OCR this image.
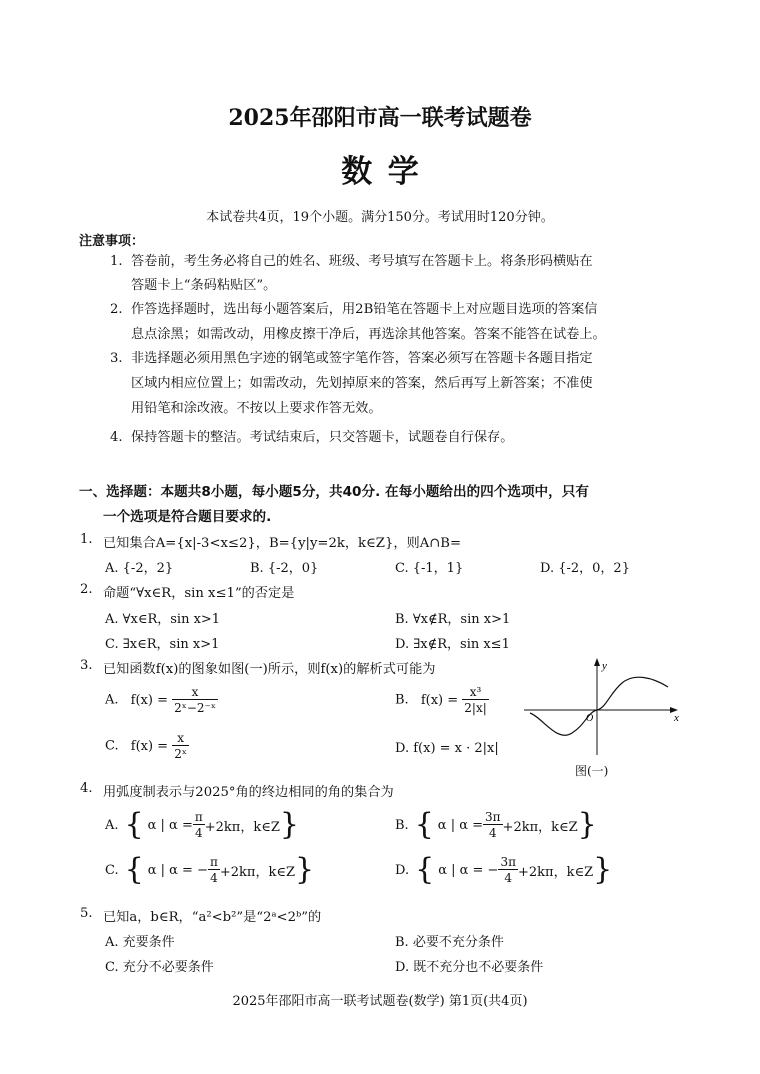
2025年邵阳市高一联考试题卷
数学
本试卷共4页，19个小题。满分150分。考试用时120分钟。
注意事项：
1. 答卷前，考生务必将自己的姓名、班级、考号填写在答题卡上。将条形码横贴在
答题卡上“条码粘贴区”。
2. 作答选择题时，选出每小题答案后，用2B铅笔在答题卡上对应题目选项的答案信
息点涂黑；如需改动，用橡皮擦干净后，再选涂其他答案。答案不能答在试卷上。
3. 非选择题必须用黑色字迹的钢笔或签字笔作答，答案必须写在答题卡各题目指定
区域内相应位置上；如需改动，先划掉原来的答案，然后再写上新答案；不准使
用铅笔和涂改液。不按以上要求作答无效。
4. 保持答题卡的整洁。考试结束后，只交答题卡，试题卷自行保存。
一、选择题：本题共8小题，每小题5分，共40分. 在每小题给出的四个选项中，只有
一个选项是符合题目要求的.
1. 已知集合A={x|-3<x≤2}，B={y|y=2k，k∈Z}，则A∩B=
A. {-2，2}	B. {-2，0}	C. {-1，1}	D. {-2，0，2}
2. 命题“∀x∈R，sin x≤1”的否定是
A. ∀x∈R，sin x>1	B. ∀x∉R，sin x>1
C. ∃x∈R，sin x>1	D. ∃x∉R，sin x≤1
3. 已知函数f(x)的图象如图(一)所示，则f(x)的解析式可能为
A. $f(x) = \frac{x}{\text{2ˣ−2⁻ˣ}}$	B. $f(x) = \frac{\text{x³}}{2|x|}$
C. $f(x) = \frac{x}{\text{2ˣ}}$	D. f(x) = x · 2|x|
y
x
O
图(一)
4. 用弧度制表示与2025°角的终边相同的角的集合为
A. { α | $\alpha = \frac{\pi}{4} +2k\pi$，k∈Z }	B. { α | $\alpha = \frac{3\pi}{4} +2k\pi$，k∈Z }
C. { α | α = − $\frac{\pi}{4} +2k\pi$，k∈Z }	D. { α | α = − $\frac{3\pi}{4} +2k\pi$，k∈Z }
5. 已知a，b∈R，“a²<b²”是“2ᵃ<2ᵇ”的
A. 充要条件	B. 必要不充分条件
C. 充分不必要条件	D. 既不充分也不必要条件
2025年邵阳市高一联考试题卷(数学) 第1页(共4页)
